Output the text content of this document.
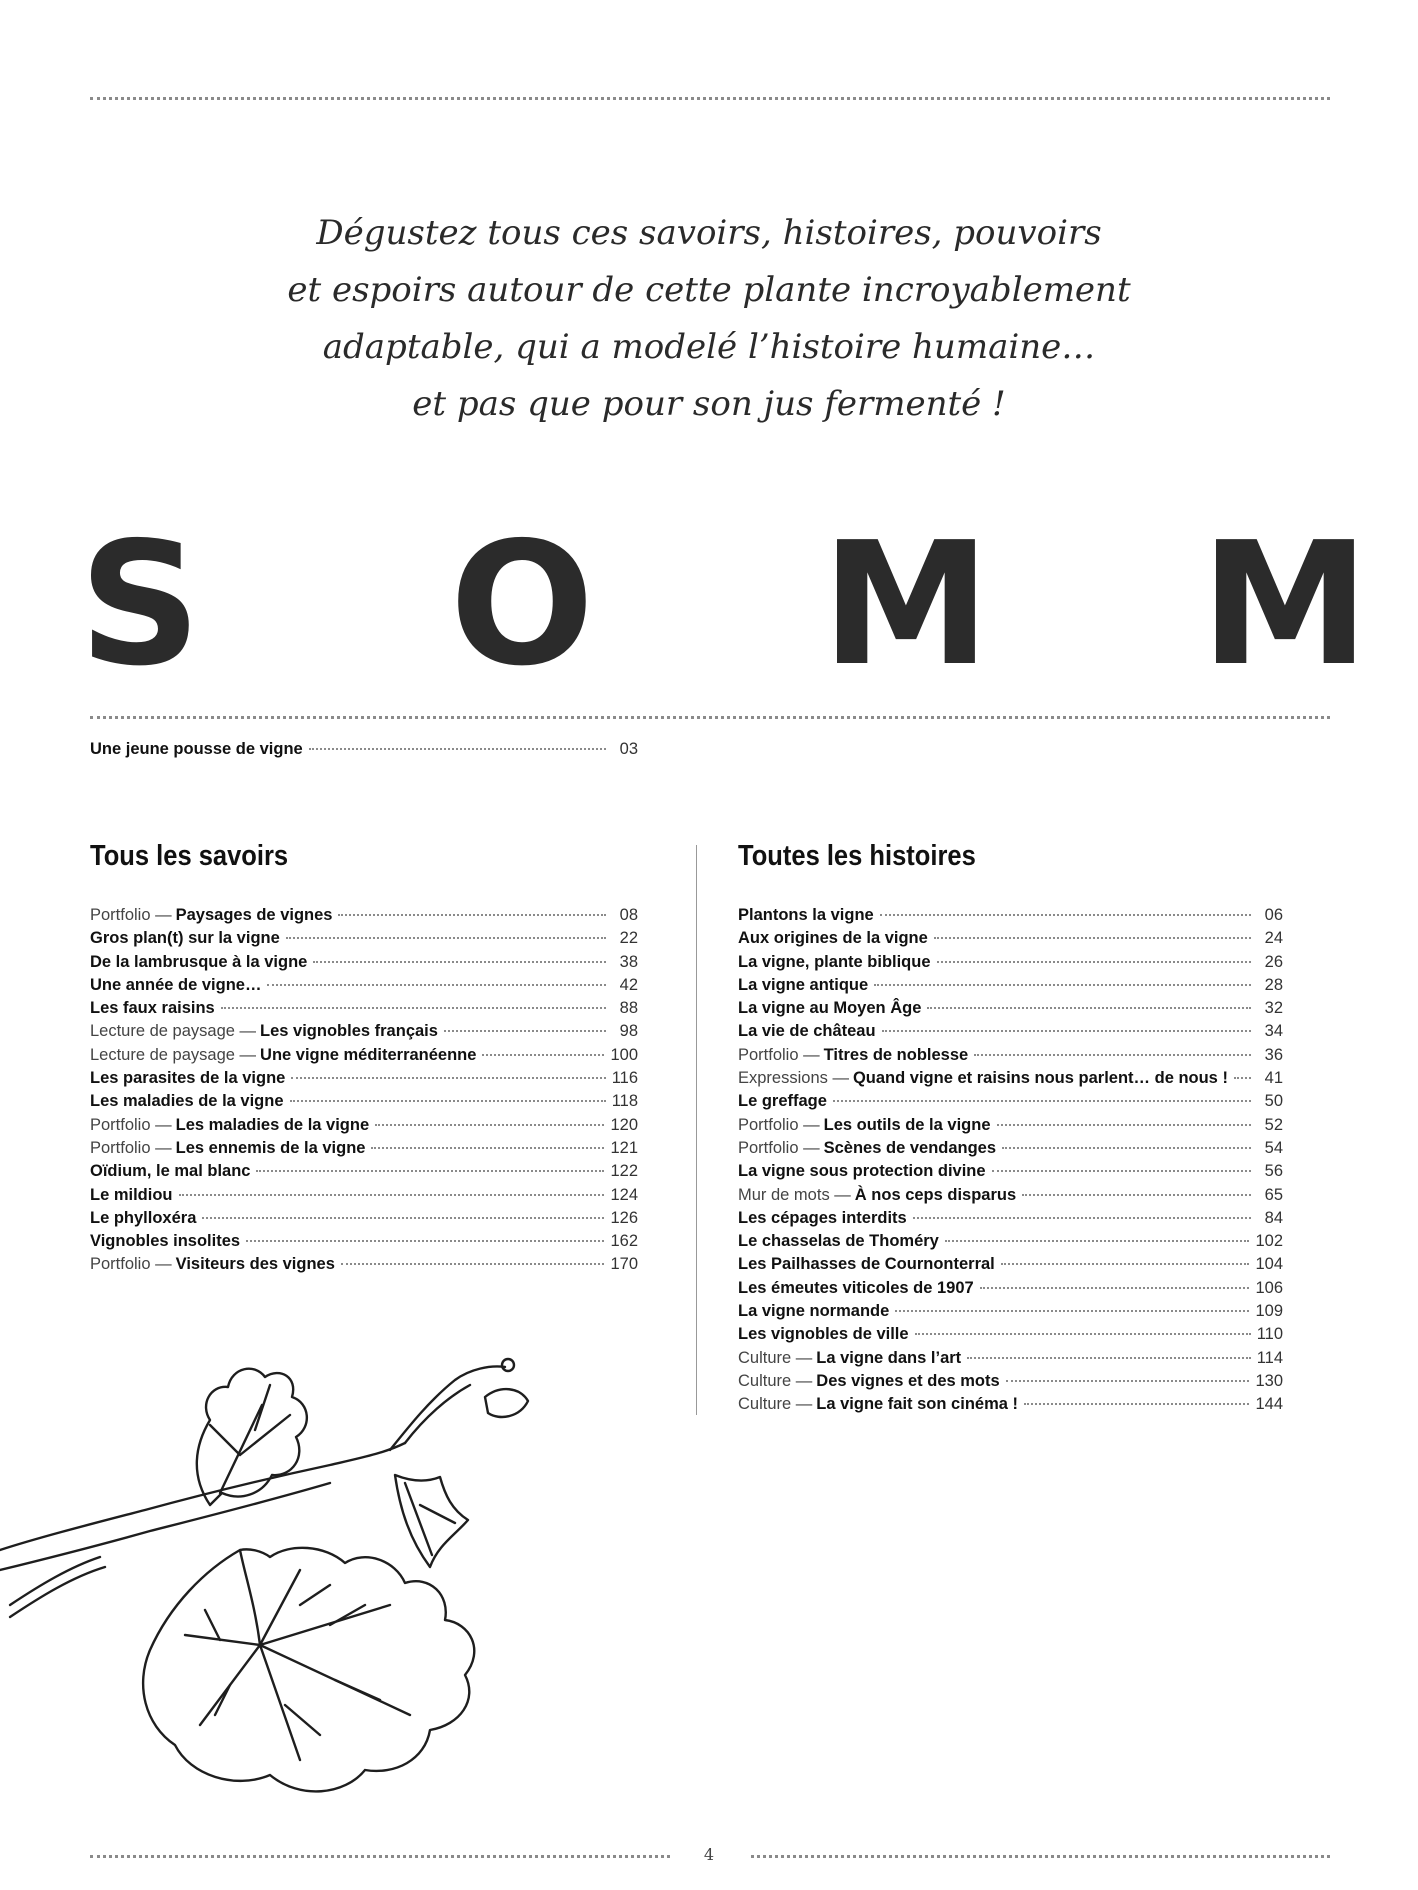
Dégustez tous ces savoirs, histoires, pouvoirs
et espoirs autour de cette plante incroyablement
adaptable, qui a modelé l’histoire humaine…
et pas que pour son jus fermenté !
S O M M
Une jeune pousse de vigne	03
Tous les savoirs
Portfolio — Paysages de vignes	08
Gros plan(t) sur la vigne	22
De la lambrusque à la vigne	38
Une année de vigne…	42
Les faux raisins	88
Lecture de paysage — Les vignobles français	98
Lecture de paysage — Une vigne méditerranéenne	100
Les parasites de la vigne	116
Les maladies de la vigne	118
Portfolio — Les maladies de la vigne	120
Portfolio — Les ennemis de la vigne	121
Oïdium, le mal blanc	122
Le mildiou	124
Le phylloxéra	126
Vignobles insolites	162
Portfolio — Visiteurs des vignes	170
Toutes les histoires
Plantons la vigne	06
Aux origines de la vigne	24
La vigne, plante biblique	26
La vigne antique	28
La vigne au Moyen Âge	32
La vie de château	34
Portfolio — Titres de noblesse	36
Expressions — Quand vigne et raisins nous parlent… de nous !	41
Le greffage	50
Portfolio — Les outils de la vigne	52
Portfolio — Scènes de vendanges	54
La vigne sous protection divine	56
Mur de mots — À nos ceps disparus	65
Les cépages interdits	84
Le chasselas de Thoméry	102
Les Pailhasses de Cournonterral	104
Les émeutes viticoles de 1907	106
La vigne normande	109
Les vignobles de ville	110
Culture — La vigne dans l’art	114
Culture — Des vignes et des mots	130
Culture — La vigne fait son cinéma !	144
4
